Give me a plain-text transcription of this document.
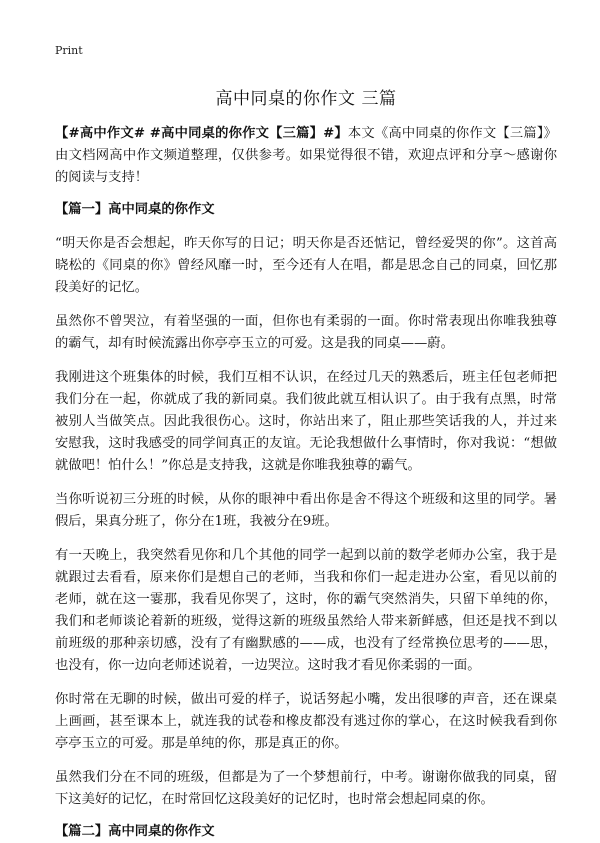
Print
高中同桌的你作文 三篇

【#高中作文# #高中同桌的你作文【三篇】#】本文《高中同桌的你作文【三篇】》由文档网高中作文频道整理，仅供参考。如果觉得很不错，欢迎点评和分享～感谢你的阅读与支持！

【篇一】高中同桌的你作文

“明天你是否会想起，昨天你写的日记；明天你是否还惦记，曾经爱哭的你”。这首高晓松的《同桌的你》曾经风靡一时，至今还有人在唱，都是思念自己的同桌，回忆那段美好的记忆。

虽然你不曾哭泣，有着坚强的一面，但你也有柔弱的一面。你时常表现出你唯我独尊的霸气，却有时候流露出你亭亭玉立的可爱。这是我的同桌——蔚。

我刚进这个班集体的时候，我们互相不认识，在经过几天的熟悉后，班主任包老师把我们分在一起，你就成了我的新同桌。我们彼此就互相认识了。由于我有点黑，时常被别人当做笑点。因此我很伤心。这时，你站出来了，阻止那些笑话我的人，并过来安慰我，这时我感受的同学间真正的友谊。无论我想做什么事情时，你对我说：“想做就做吧！怕什么！”你总是支持我，这就是你唯我独尊的霸气。

当你听说初三分班的时候，从你的眼神中看出你是舍不得这个班级和这里的同学。暑假后，果真分班了，你分在1班，我被分在9班。

有一天晚上，我突然看见你和几个其他的同学一起到以前的数学老师办公室，我于是就跟过去看看，原来你们是想自己的老师，当我和你们一起走进办公室，看见以前的老师，就在这一霎那，我看见你哭了，这时，你的霸气突然消失，只留下单纯的你，我们和老师谈论着新的班级，觉得这新的班级虽然给人带来新鲜感，但还是找不到以前班级的那种亲切感，没有了有幽默感的——成，也没有了经常换位思考的——思，也没有，你一边向老师述说着，一边哭泣。这时我才看见你柔弱的一面。

你时常在无聊的时候，做出可爱的样子，说话努起小嘴，发出很嗲的声音，还在课桌上画画，甚至课本上，就连我的试卷和橡皮都没有逃过你的掌心，在这时候我看到你亭亭玉立的可爱。那是单纯的你，那是真正的你。

虽然我们分在不同的班级，但都是为了一个梦想前行，中考。谢谢你做我的同桌，留下这美好的记忆，在时常回忆这段美好的记忆时，也时常会想起同桌的你。

【篇二】高中同桌的你作文
